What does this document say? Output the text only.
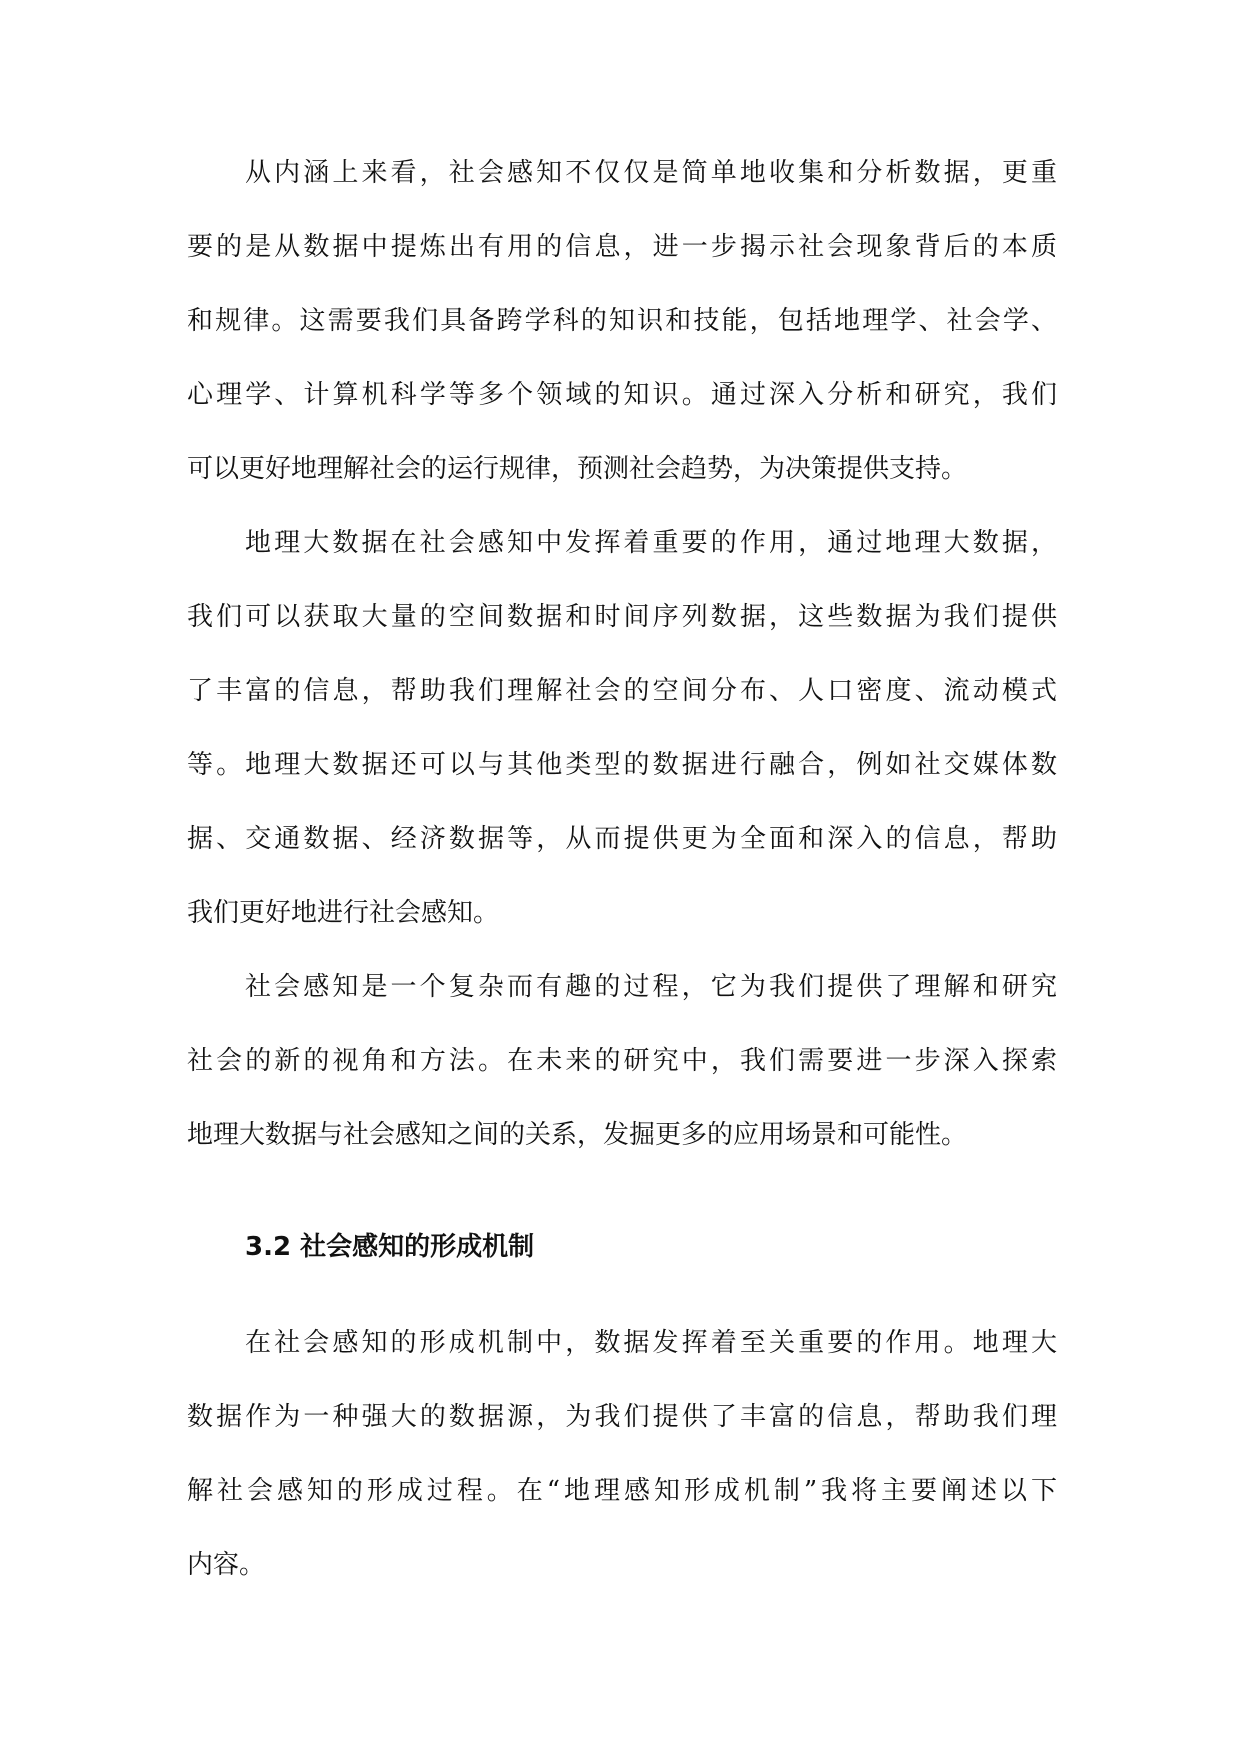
从内涵上来看，社会感知不仅仅是简单地收集和分析数据，更重
要的是从数据中提炼出有用的信息，进一步揭示社会现象背后的本质
和规律。这需要我们具备跨学科的知识和技能，包括地理学、社会学、
心理学、计算机科学等多个领域的知识。通过深入分析和研究，我们
可以更好地理解社会的运行规律，预测社会趋势，为决策提供支持。

地理大数据在社会感知中发挥着重要的作用，通过地理大数据，
我们可以获取大量的空间数据和时间序列数据，这些数据为我们提供
了丰富的信息，帮助我们理解社会的空间分布、人口密度、流动模式
等。地理大数据还可以与其他类型的数据进行融合，例如社交媒体数
据、交通数据、经济数据等，从而提供更为全面和深入的信息，帮助
我们更好地进行社会感知。

社会感知是一个复杂而有趣的过程，它为我们提供了理解和研究
社会的新的视角和方法。在未来的研究中，我们需要进一步深入探索
地理大数据与社会感知之间的关系，发掘更多的应用场景和可能性。

3.2 社会感知的形成机制

在社会感知的形成机制中，数据发挥着至关重要的作用。地理大
数据作为一种强大的数据源，为我们提供了丰富的信息，帮助我们理
解社会感知的形成过程。在“地理感知形成机制”我将主要阐述以下
内容。
